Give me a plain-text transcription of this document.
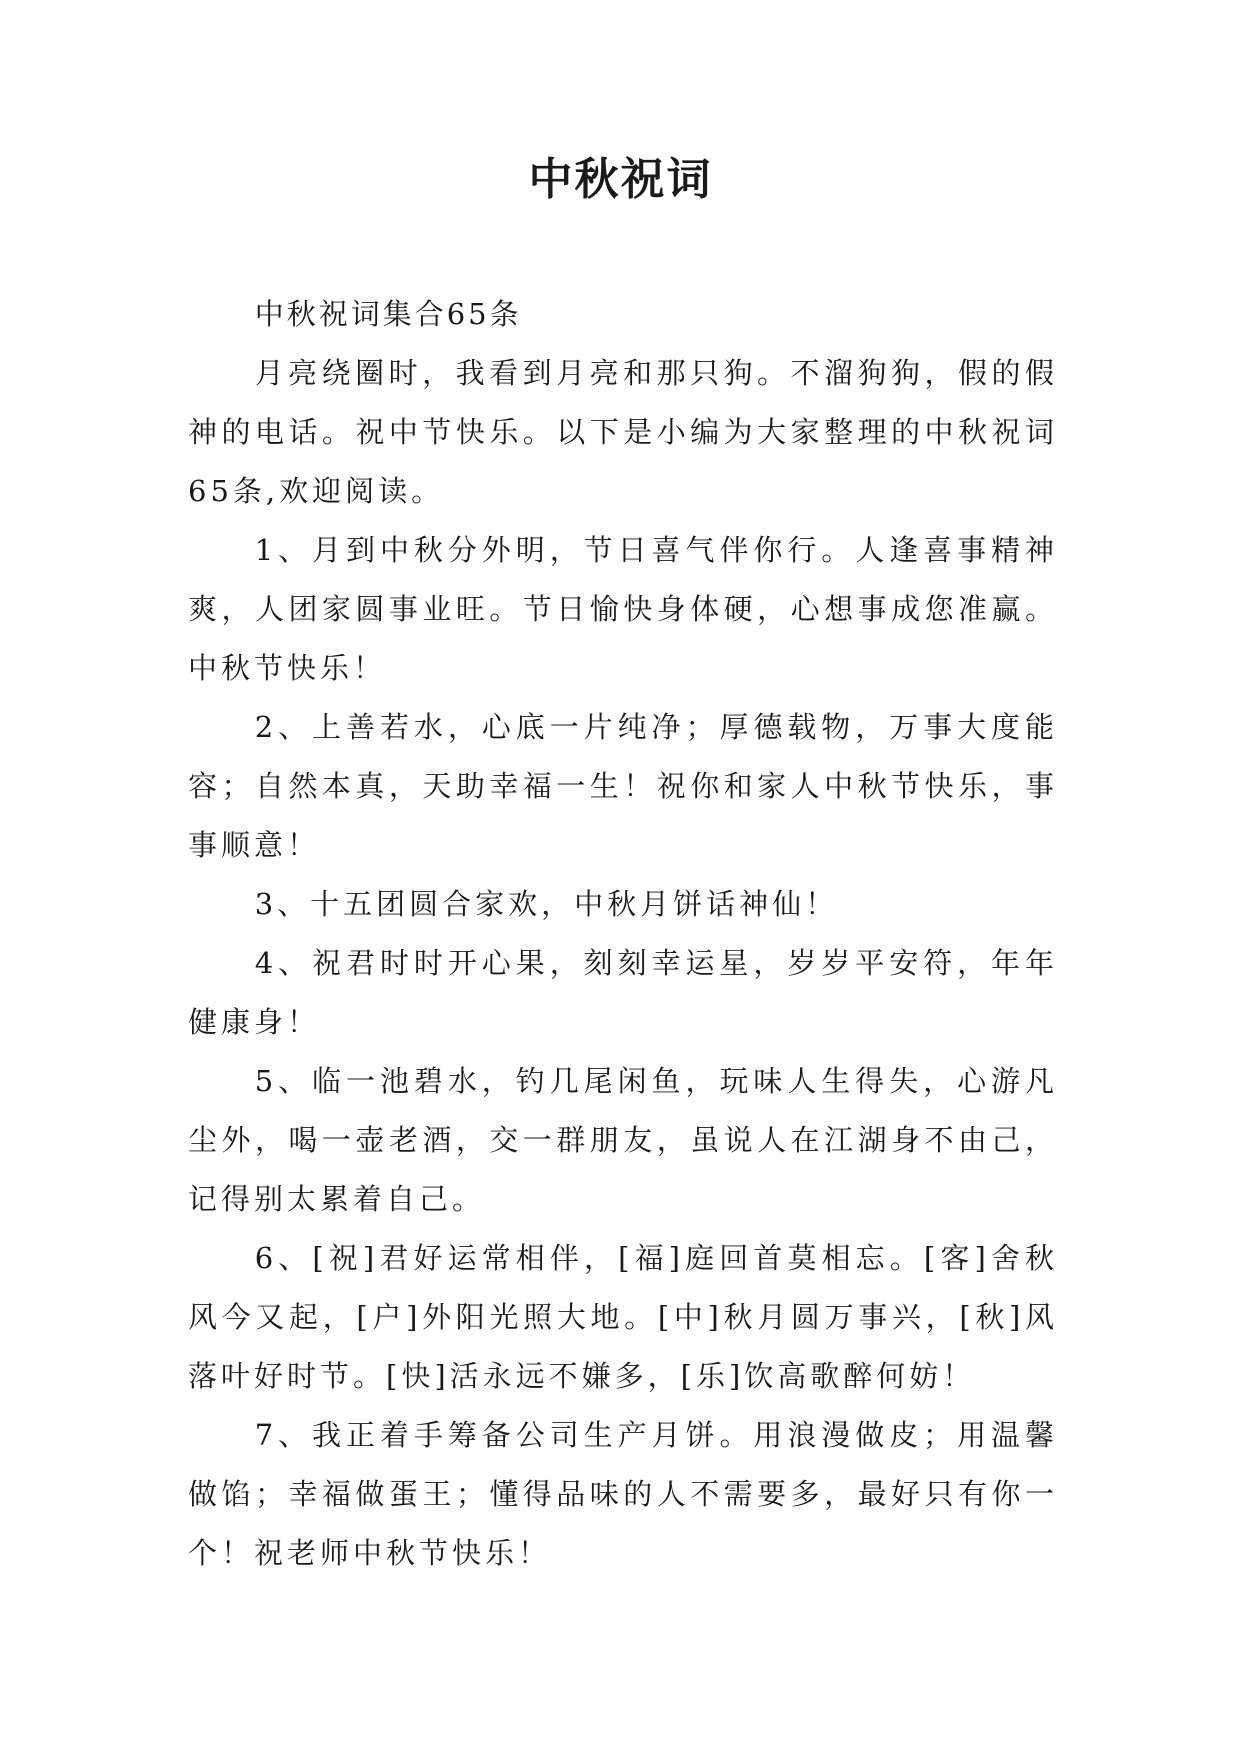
中秋祝词

中秋祝词集合65条

月亮绕圈时，我看到月亮和那只狗。不溜狗狗，假的假神的电话。祝中节快乐。以下是小编为大家整理的中秋祝词65条,欢迎阅读。

1、月到中秋分外明，节日喜气伴你行。人逢喜事精神爽，人团家圆事业旺。节日愉快身体硬，心想事成您准赢。中秋节快乐！

2、上善若水，心底一片纯净；厚德载物，万事大度能容；自然本真，天助幸福一生！祝你和家人中秋节快乐，事事顺意！

3、十五团圆合家欢，中秋月饼话神仙！

4、祝君时时开心果，刻刻幸运星，岁岁平安符，年年健康身！

5、临一池碧水，钓几尾闲鱼，玩味人生得失，心游凡尘外，喝一壶老酒，交一群朋友，虽说人在江湖身不由己，记得别太累着自己。

6、[祝]君好运常相伴，[福]庭回首莫相忘。[客]舍秋风今又起，[户]外阳光照大地。[中]秋月圆万事兴，[秋]风落叶好时节。[快]活永远不嫌多，[乐]饮高歌醉何妨！

7、我正着手筹备公司生产月饼。用浪漫做皮；用温馨做馅；幸福做蛋王；懂得品味的人不需要多，最好只有你一个！祝老师中秋节快乐！
